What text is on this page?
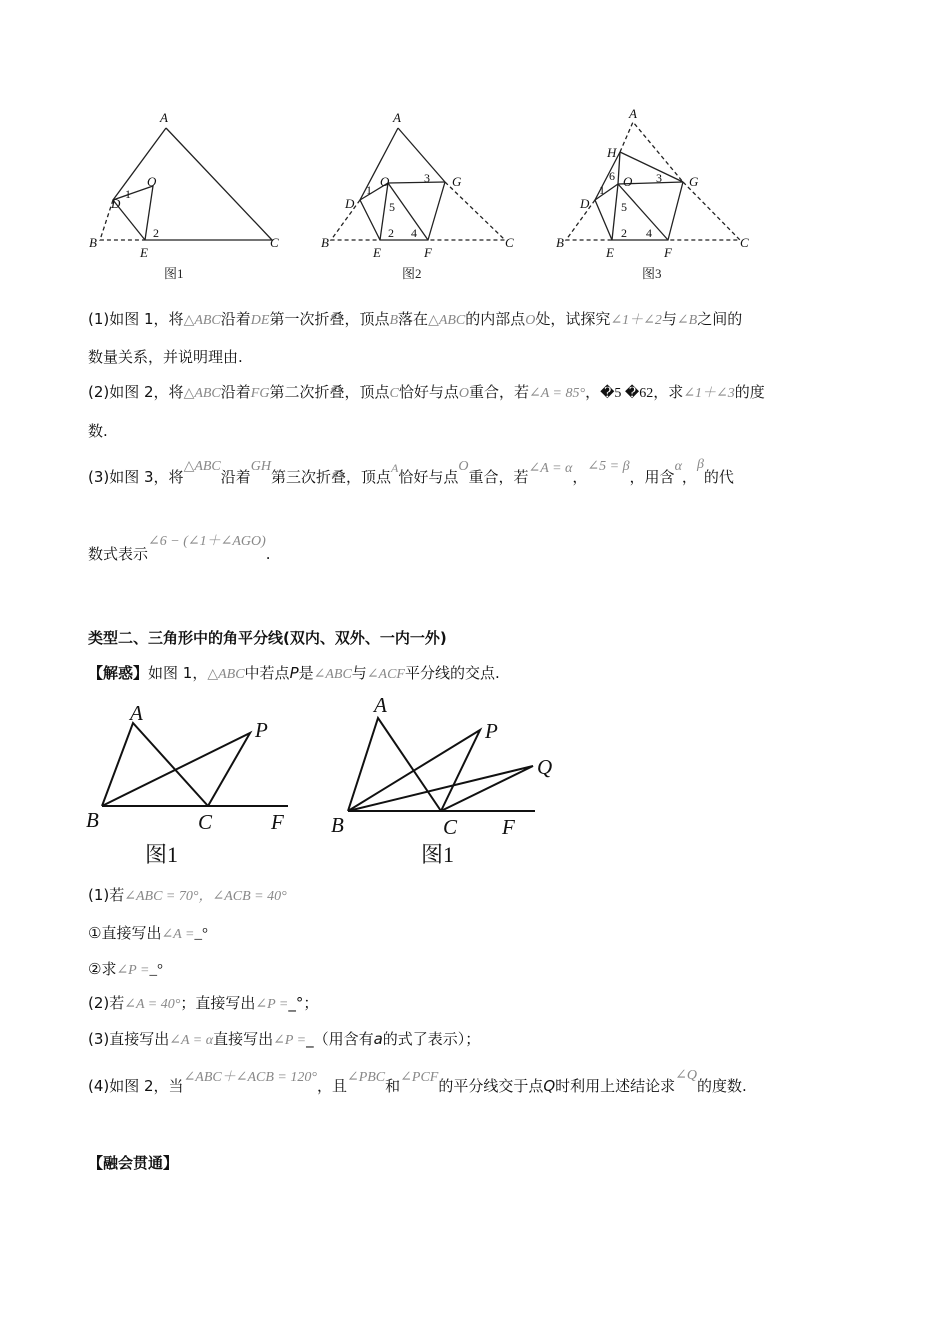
A
B	C
D
E
O
A
B	C
D
E	F
G
O
A
H
B	C
D
E	F
G
O
1
2
1
2
3
4
5
1
2
3
4
5
6
图1	图2	图3
(1)如图 1，将△ABC沿着DE第一次折叠，顶点B落在△ABC的内部点O处，试探究∠1＋∠2与∠B之间的
数量关系，并说明理由.
(2)如图 2，将△ABC沿着FG第二次折叠，顶点C恰好与点O重合，若∠A = 85°，�5 �62，求∠1＋∠3的度
数.
(3)如图 3，将△ABC沿着GH第三次折叠，顶点$^A$恰好与点O重合，若∠A = α，∠5 = β，用含α，β的代
数式表示∠6 − (∠1＋∠AGO).
类型二、三角形中的角平分线(双内、双外、一内一外)
【解惑】如图 1，△ABC中若点P是∠ABC与∠ACF平分线的交点.
A
P
B	C	F
A
P
Q
B	C F
图1	图1
(1)若∠ABC = 70°，∠ACB = 40°
①直接写出∠A =_°
②求∠P =_°
(2)若∠A = 40°；直接写出∠P =_°；
(3)直接写出∠A = α直接写出∠P =_（用含有a的式了表示）；
(4)如图 2，当∠ABC＋∠ACB = 120°，且∠PBC和∠PCF的平分线交于点Q时利用上述结论求∠Q的度数.
【融会贯通】
